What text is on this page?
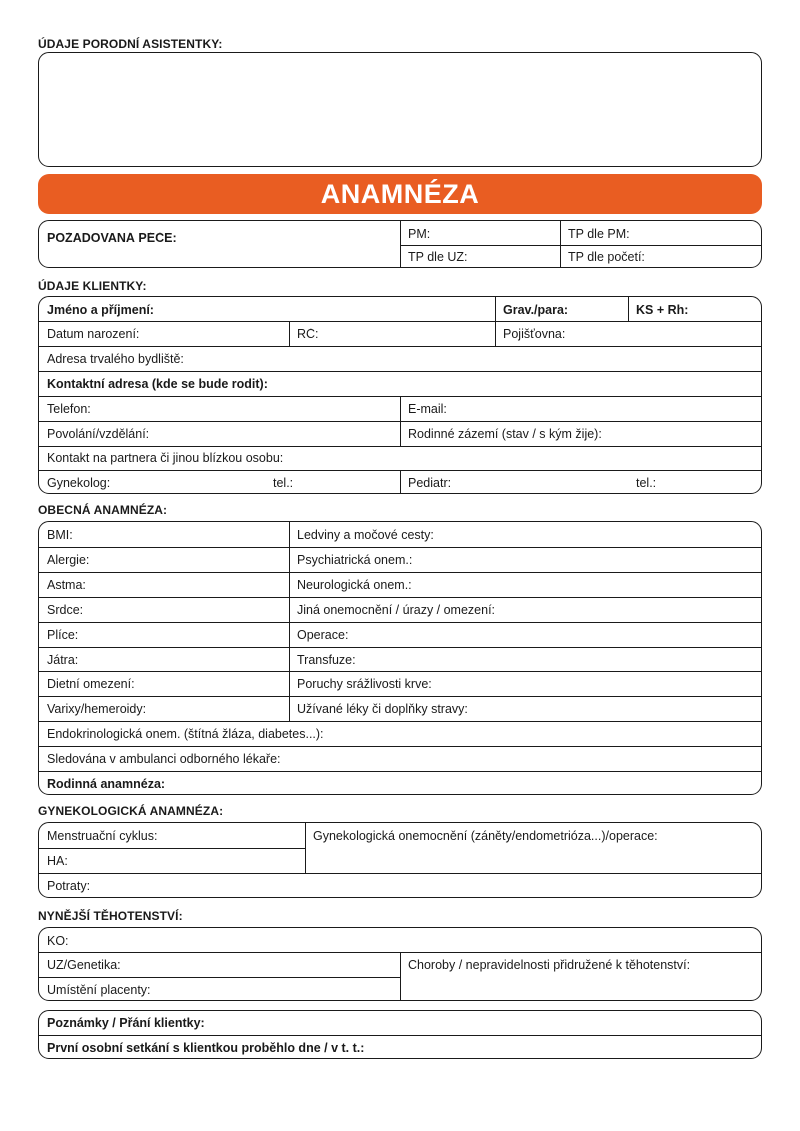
ÚDAJE PORODNÍ ASISTENTKY:
ANAMNÉZA
POŽADOVANÁ PÉČE:	PM:	TP dle PM:
TP dle UZ:	TP dle početí:
ÚDAJE KLIENTKY:
Jméno a příjmení:	Grav./para:	KS + Rh:
Datum narození:	RČ:	Pojišťovna:
Adresa trvalého bydliště:
Kontaktní adresa (kde se bude rodit):
Telefon:	E-mail:
Povolání/vzdělání:	Rodinné zázemí (stav / s kým žije):
Kontakt na partnera či jinou blízkou osobu:
Gynekolog:	tel.:	Pediatr:	tel.:
OBECNÁ ANAMNÉZA:
BMI:	Ledviny a močové cesty:
Alergie:	Psychiatrická onem.:
Astma:	Neurologická onem.:
Srdce:	Jiná onemocnění / úrazy / omezení:
Plíce:	Operace:
Játra:	Transfuze:
Dietní omezení:	Poruchy srážlivosti krve:
Varixy/hemeroidy:	Užívané léky či doplňky stravy:
Endokrinologická onem. (štítná žláza, diabetes...):
Sledována v ambulanci odborného lékaře:
Rodinná anamnéza:
GYNEKOLOGICKÁ ANAMNÉZA:
Menstruační cyklus:
HA:
Potraty:
Gynekologická onemocnění (záněty/endometrióza...)/operace:
NYNĚJŠÍ TĚHOTENSTVÍ:
KO:
UZ/Genetika:
Umístění placenty:
Choroby / nepravidelnosti přidružené k těhotenství:
Poznámky / Přání klientky:
První osobní setkání s klientkou proběhlo dne / v t. t.:
